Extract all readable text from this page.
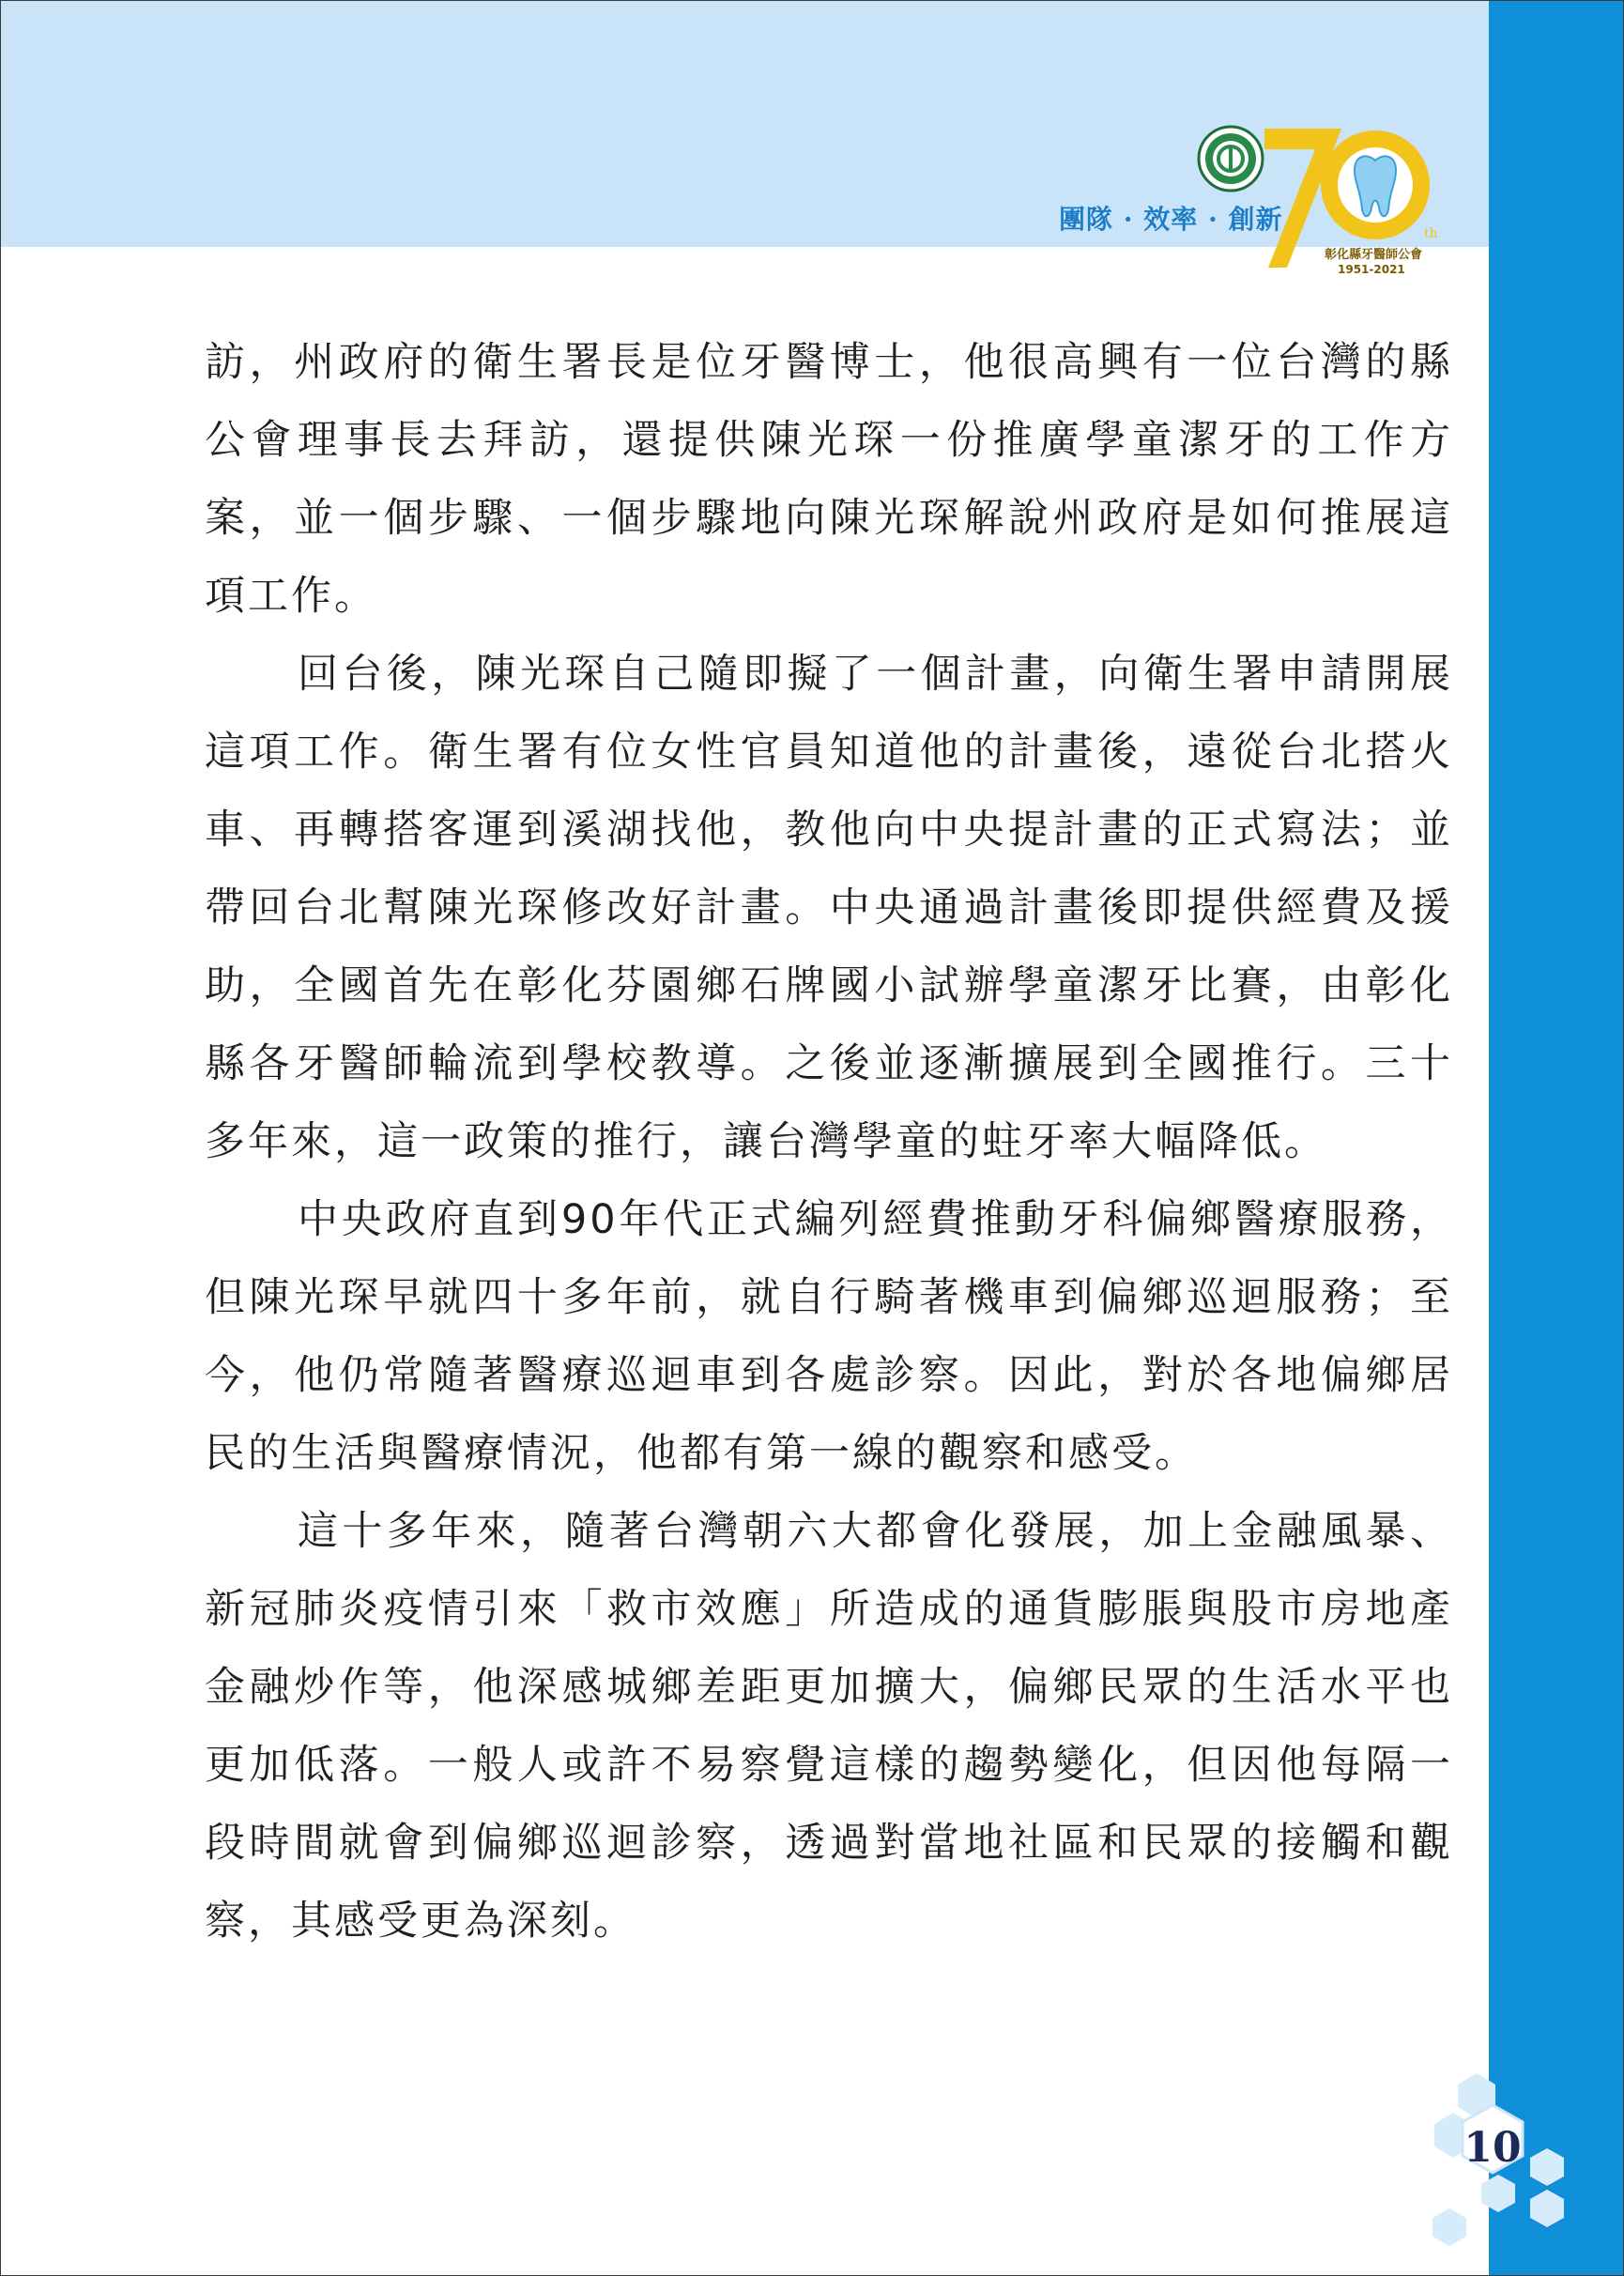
團隊 · 效率 · 創新	th
彰化縣牙醫師公會
1951-2021

訪，州政府的衛生署長是位牙醫博士，他很高興有一位台灣的縣公會理事長去拜訪，還提供陳光琛一份推廣學童潔牙的工作方案，並一個步驟、一個步驟地向陳光琛解說州政府是如何推展這項工作。

回台後，陳光琛自己隨即擬了一個計畫，向衛生署申請開展這項工作。衛生署有位女性官員知道他的計畫後，遠從台北搭火車、再轉搭客運到溪湖找他，教他向中央提計畫的正式寫法；並帶回台北幫陳光琛修改好計畫。中央通過計畫後即提供經費及援助，全國首先在彰化芬園鄉石牌國小試辦學童潔牙比賽，由彰化縣各牙醫師輪流到學校教導。之後並逐漸擴展到全國推行。三十多年來，這一政策的推行，讓台灣學童的蛀牙率大幅降低。

中央政府直到90年代正式編列經費推動牙科偏鄉醫療服務，但陳光琛早就四十多年前，就自行騎著機車到偏鄉巡迴服務；至今，他仍常隨著醫療巡迴車到各處診察。因此，對於各地偏鄉居民的生活與醫療情況，他都有第一線的觀察和感受。

這十多年來，隨著台灣朝六大都會化發展，加上金融風暴、新冠肺炎疫情引來「救市效應」所造成的通貨膨脹與股市房地產金融炒作等，他深感城鄉差距更加擴大，偏鄉民眾的生活水平也更加低落。一般人或許不易察覺這樣的趨勢變化，但因他每隔一段時間就會到偏鄉巡迴診察，透過對當地社區和民眾的接觸和觀察，其感受更為深刻。

10
